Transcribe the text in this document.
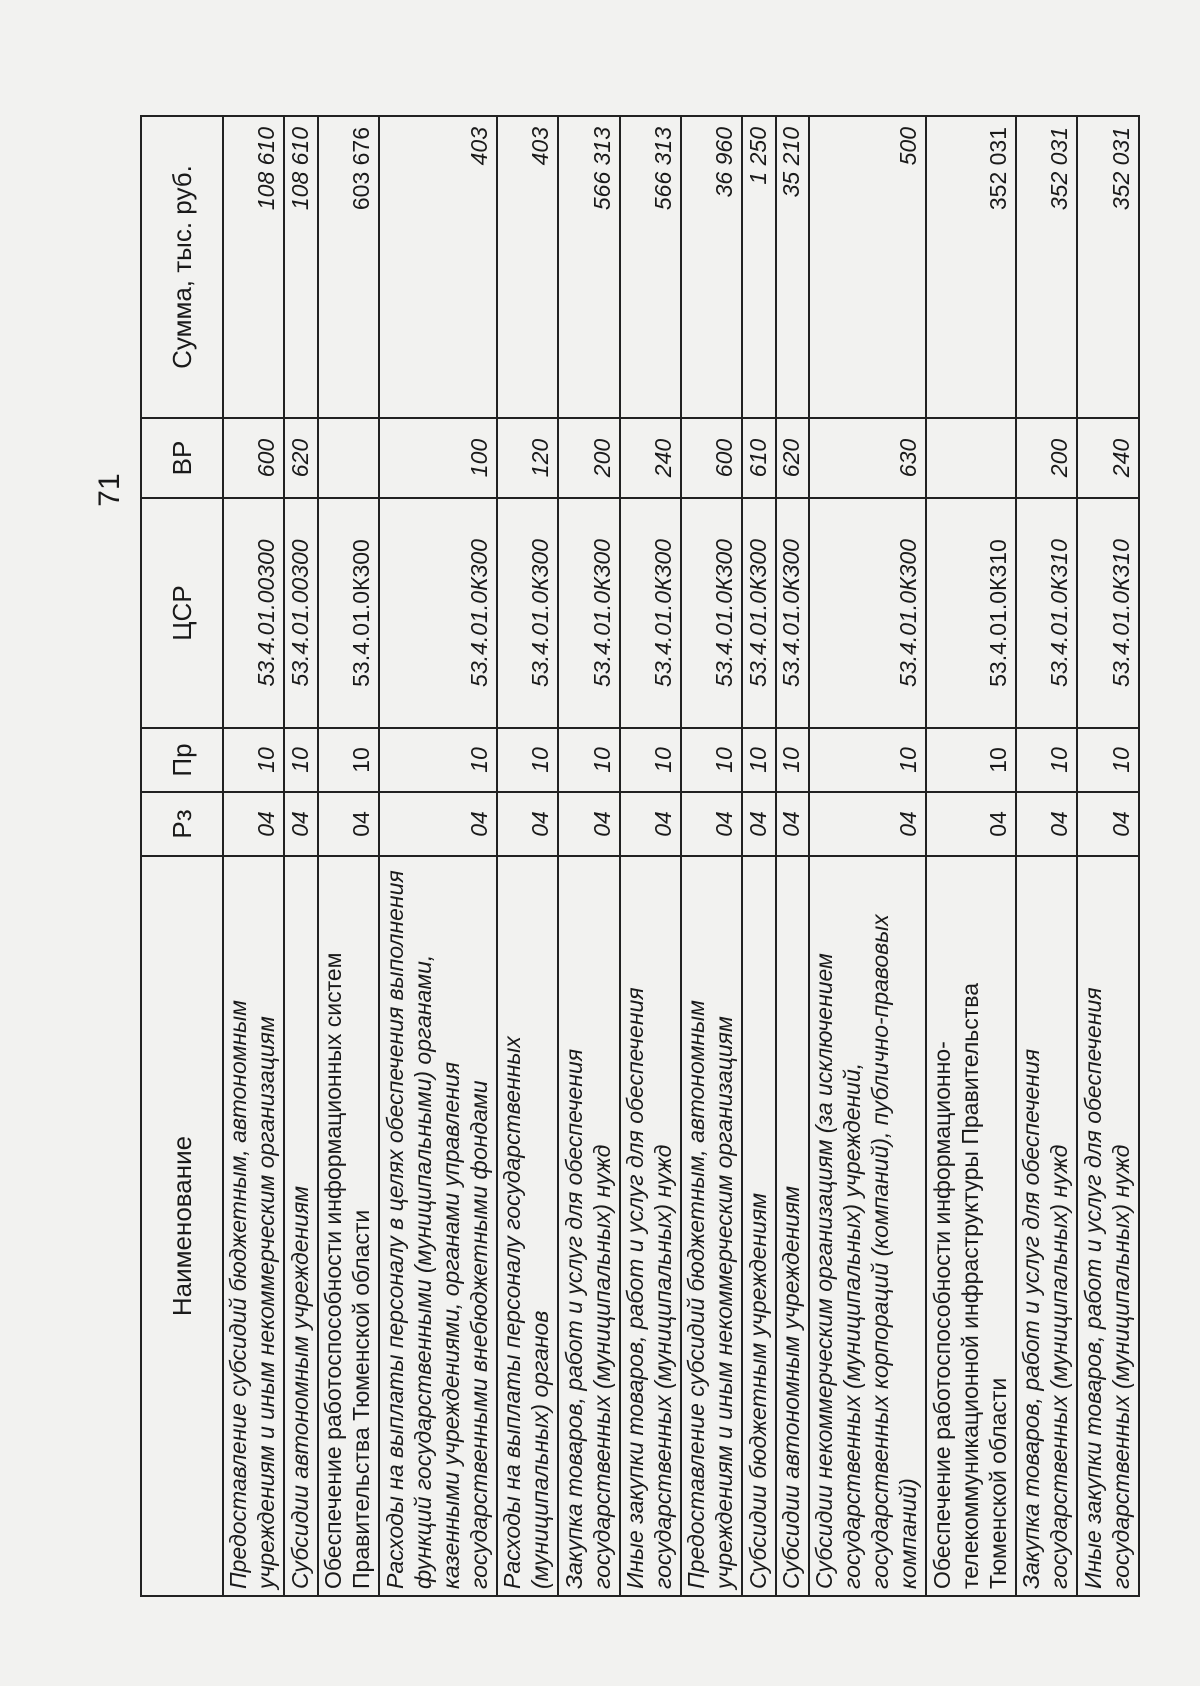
71
Наименование	Рз	Пр	ЦСР	ВР	Сумма, тыс. руб.
Предоставление субсидий бюджетным, автономным учреждениям и иным некоммерческим организациям	04	10	53.4.01.00300	600	108 610
Субсидии автономным учреждениям	04	10	53.4.01.00300	620	108 610
Обеспечение работоспособности информационных систем Правительства Тюменской области	04	10	53.4.01.0К300		603 676
Расходы на выплаты персоналу в целях обеспечения выполнения функций государственными (муниципальными) органами, казенными учреждениями, органами управления государственными внебюджетными фондами	04	10	53.4.01.0К300	100	403
Расходы на выплаты персоналу государственных (муниципальных) органов	04	10	53.4.01.0К300	120	403
Закупка товаров, работ и услуг для обеспечения государственных (муниципальных) нужд	04	10	53.4.01.0К300	200	566 313
Иные закупки товаров, работ и услуг для обеспечения государственных (муниципальных) нужд	04	10	53.4.01.0К300	240	566 313
Предоставление субсидий бюджетным, автономным учреждениям и иным некоммерческим организациям	04	10	53.4.01.0К300	600	36 960
Субсидии бюджетным учреждениям	04	10	53.4.01.0К300	610	1 250
Субсидии автономным учреждениям	04	10	53.4.01.0К300	620	35 210
Субсидии некоммерческим организациям (за исключением государственных (муниципальных) учреждений, государственных корпораций (компаний), публично-правовых компаний)	04	10	53.4.01.0К300	630	500
Обеспечение работоспособности информационно-телекоммуникационной инфраструктуры Правительства Тюменской области	04	10	53.4.01.0К310		352 031
Закупка товаров, работ и услуг для обеспечения государственных (муниципальных) нужд	04	10	53.4.01.0К310	200	352 031
Иные закупки товаров, работ и услуг для обеспечения государственных (муниципальных) нужд	04	10	53.4.01.0К310	240	352 031
